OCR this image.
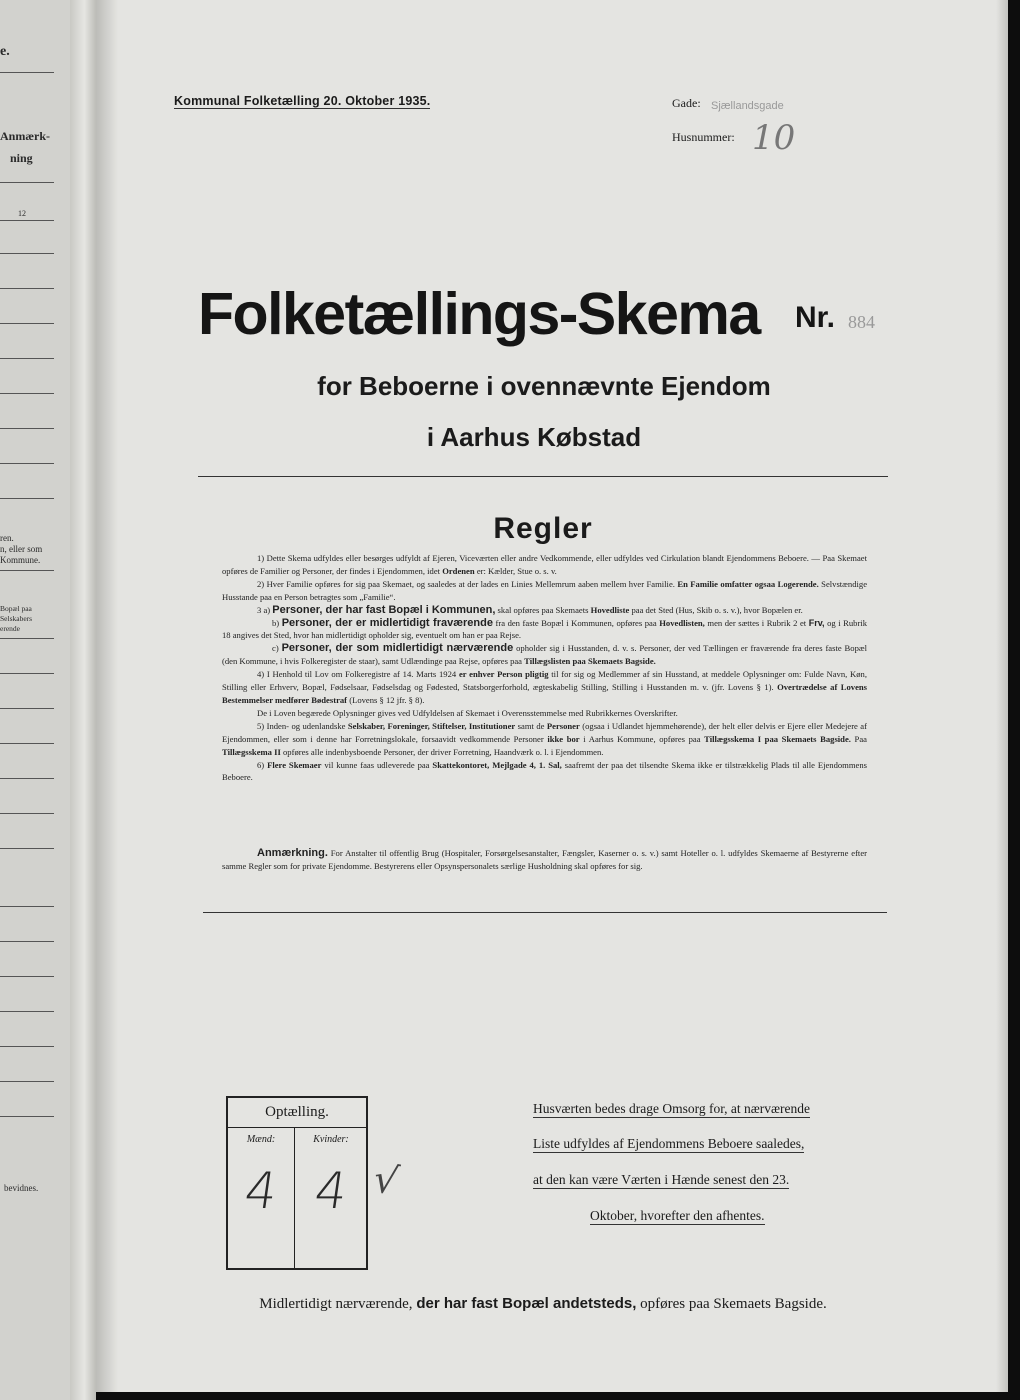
e.
Anmærk-
ning
12
ren.
n, eller som
Kommune.
Bopæl paa
Selskabers
erende
bevidnes.
Kommunal Folketælling 20. Oktober 1935.	Gade: Sjællandsgade
Husnummer: 10
Folketællings-Skema Nr. 884
for Beboerne i ovennævnte Ejendom
i Aarhus Købstad
Regler

1) Dette Skema udfyldes eller besørges udfyldt af Ejeren, Viceværten eller andre Vedkommende, eller udfyldes ved Cirkulation blandt Ejendommens Beboere. — Paa Skemaet opføres de Familier og Personer, der findes i Ejendommen, idet Ordenen er: Kælder, Stue o. s. v.

2) Hver Familie opføres for sig paa Skemaet, og saaledes at der lades en Linies Mellemrum aaben mellem hver Familie. En Familie omfatter ogsaa Logerende. Selvstændige Husstande paa en Person betragtes som „Familie“.

3 a) Personer, der har fast Bopæl i Kommunen, skal opføres paa Skemaets Hovedliste paa det Sted (Hus, Skib o. s. v.), hvor Bopælen er.

b) Personer, der er midlertidigt fraværende fra den faste Bopæl i Kommunen, opføres paa Hovedlisten, men der sættes i Rubrik 2 et Frv, og i Rubrik 18 angives det Sted, hvor han midlertidigt opholder sig, eventuelt om han er paa Rejse.

c) Personer, der som midlertidigt nærværende opholder sig i Husstanden, d. v. s. Personer, der ved Tællingen er fraværende fra deres faste Bopæl (den Kommune, i hvis Folkeregister de staar), samt Udlændinge paa Rejse, opføres paa Tillægslisten paa Skemaets Bagside.

4) I Henhold til Lov om Folkeregistre af 14. Marts 1924 er enhver Person pligtig til for sig og Medlemmer af sin Husstand, at meddele Oplysninger om: Fulde Navn, Køn, Stilling eller Erhverv, Bopæl, Fødselsaar, Fødselsdag og Fødested, Statsborgerforhold, ægteskabelig Stilling, Stilling i Husstanden m. v. (jfr. Lovens § 1). Overtrædelse af Lovens Bestemmelser medfører Bødestraf (Lovens § 12 jfr. § 8).

De i Loven begærede Oplysninger gives ved Udfyldelsen af Skemaet i Overensstemmelse med Rubrikkernes Overskrifter.

5) Inden- og udenlandske Selskaber, Foreninger, Stiftelser, Institutioner samt de Personer (ogsaa i Udlandet hjemmehørende), der helt eller delvis er Ejere eller Medejere af Ejendommen, eller som i denne har Forretningslokale, forsaavidt vedkommende Personer ikke bor i Aarhus Kommune, opføres paa Tillægsskema I paa Skemaets Bagside. Paa Tillægsskema II opføres alle indenbysboende Personer, der driver Forretning, Haandværk o. l. i Ejendommen.

6) Flere Skemaer vil kunne faas udleverede paa Skattekontoret, Mejlgade 4, 1. Sal, saafremt der paa det tilsendte Skema ikke er tilstrækkelig Plads til alle Ejendommens Beboere.

Anmærkning. For Anstalter til offentlig Brug (Hospitaler, Forsørgelsesanstalter, Fængsler, Kaserner o. s. v.) samt Hoteller o. l. udfyldes Skemaerne af Bestyrerne efter samme Regler som for private Ejendomme. Bestyrerens eller Opsynspersonalets særlige Husholdning skal opføres for sig.
Optælling.
Mænd:	Kvinder:
4 4 √
Husværten bedes drage Omsorg for, at nærværende
Liste udfyldes af Ejendommens Beboere saaledes,
at den kan være Værten i Hænde senest den 23.
Oktober, hvorefter den afhentes.
Midlertidigt nærværende, der har fast Bopæl andetsteds, opføres paa Skemaets Bagside.
